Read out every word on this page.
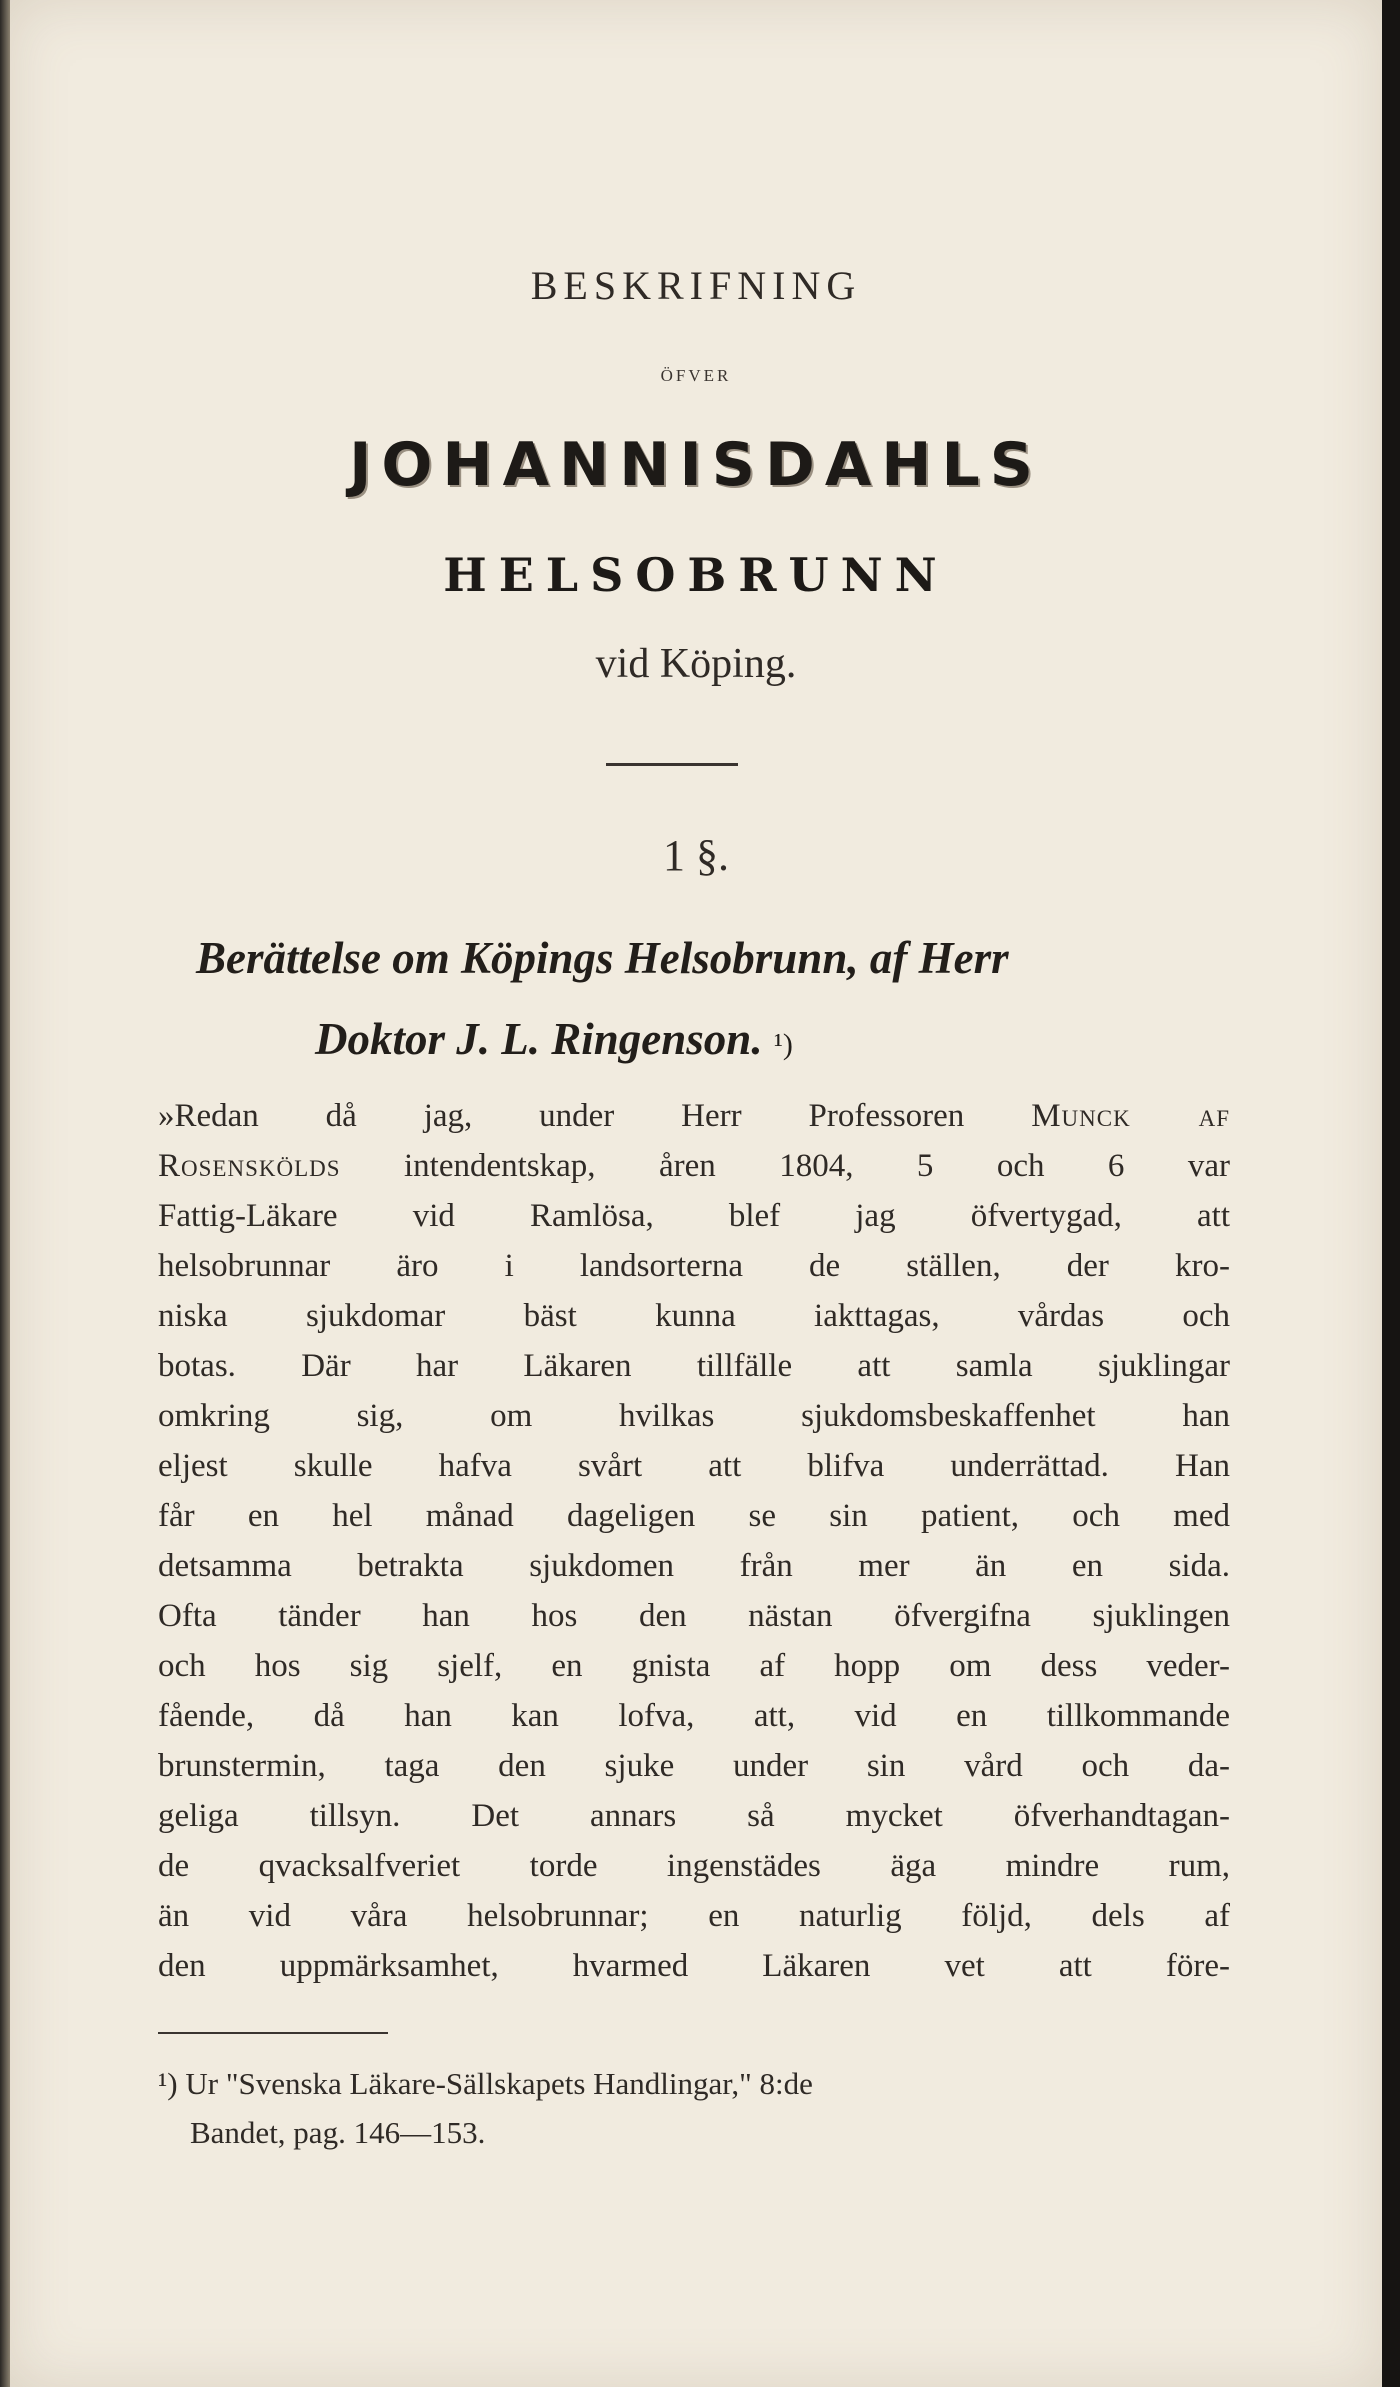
BESKRIFNING
ÖFVER
JOHANNISDAHLS
HELSOBRUNN
vid Köping.
1 §.
Berättelse om Köpings Helsobrunn, af Herr
Doktor J. L. Ringenson. ¹)
»Redan då jag, under Herr Professoren Munck af
Rosenskölds intendentskap, åren 1804, 5 och 6 var
Fattig-Läkare vid Ramlösa, blef jag öfvertygad, att
helsobrunnar äro i landsorterna de ställen, der kro-
niska sjukdomar bäst kunna iakttagas, vårdas och
botas. Där har Läkaren tillfälle att samla sjuklingar
omkring sig, om hvilkas sjukdomsbeskaffenhet han
eljest skulle hafva svårt att blifva underrättad. Han
får en hel månad dageligen se sin patient, och med
detsamma betrakta sjukdomen från mer än en sida.
Ofta tänder han hos den nästan öfvergifna sjuklingen
och hos sig sjelf, en gnista af hopp om dess veder-
fående, då han kan lofva, att, vid en tillkommande
brunstermin, taga den sjuke under sin vård och da-
geliga tillsyn. Det annars så mycket öfverhandtagan-
de qvacksalfveriet torde ingenstädes äga mindre rum,
än vid våra helsobrunnar; en naturlig följd, dels af
den uppmärksamhet, hvarmed Läkaren vet att före-
¹) Ur "Svenska Läkare-Sällskapets Handlingar," 8:de
Bandet, pag. 146—153.
